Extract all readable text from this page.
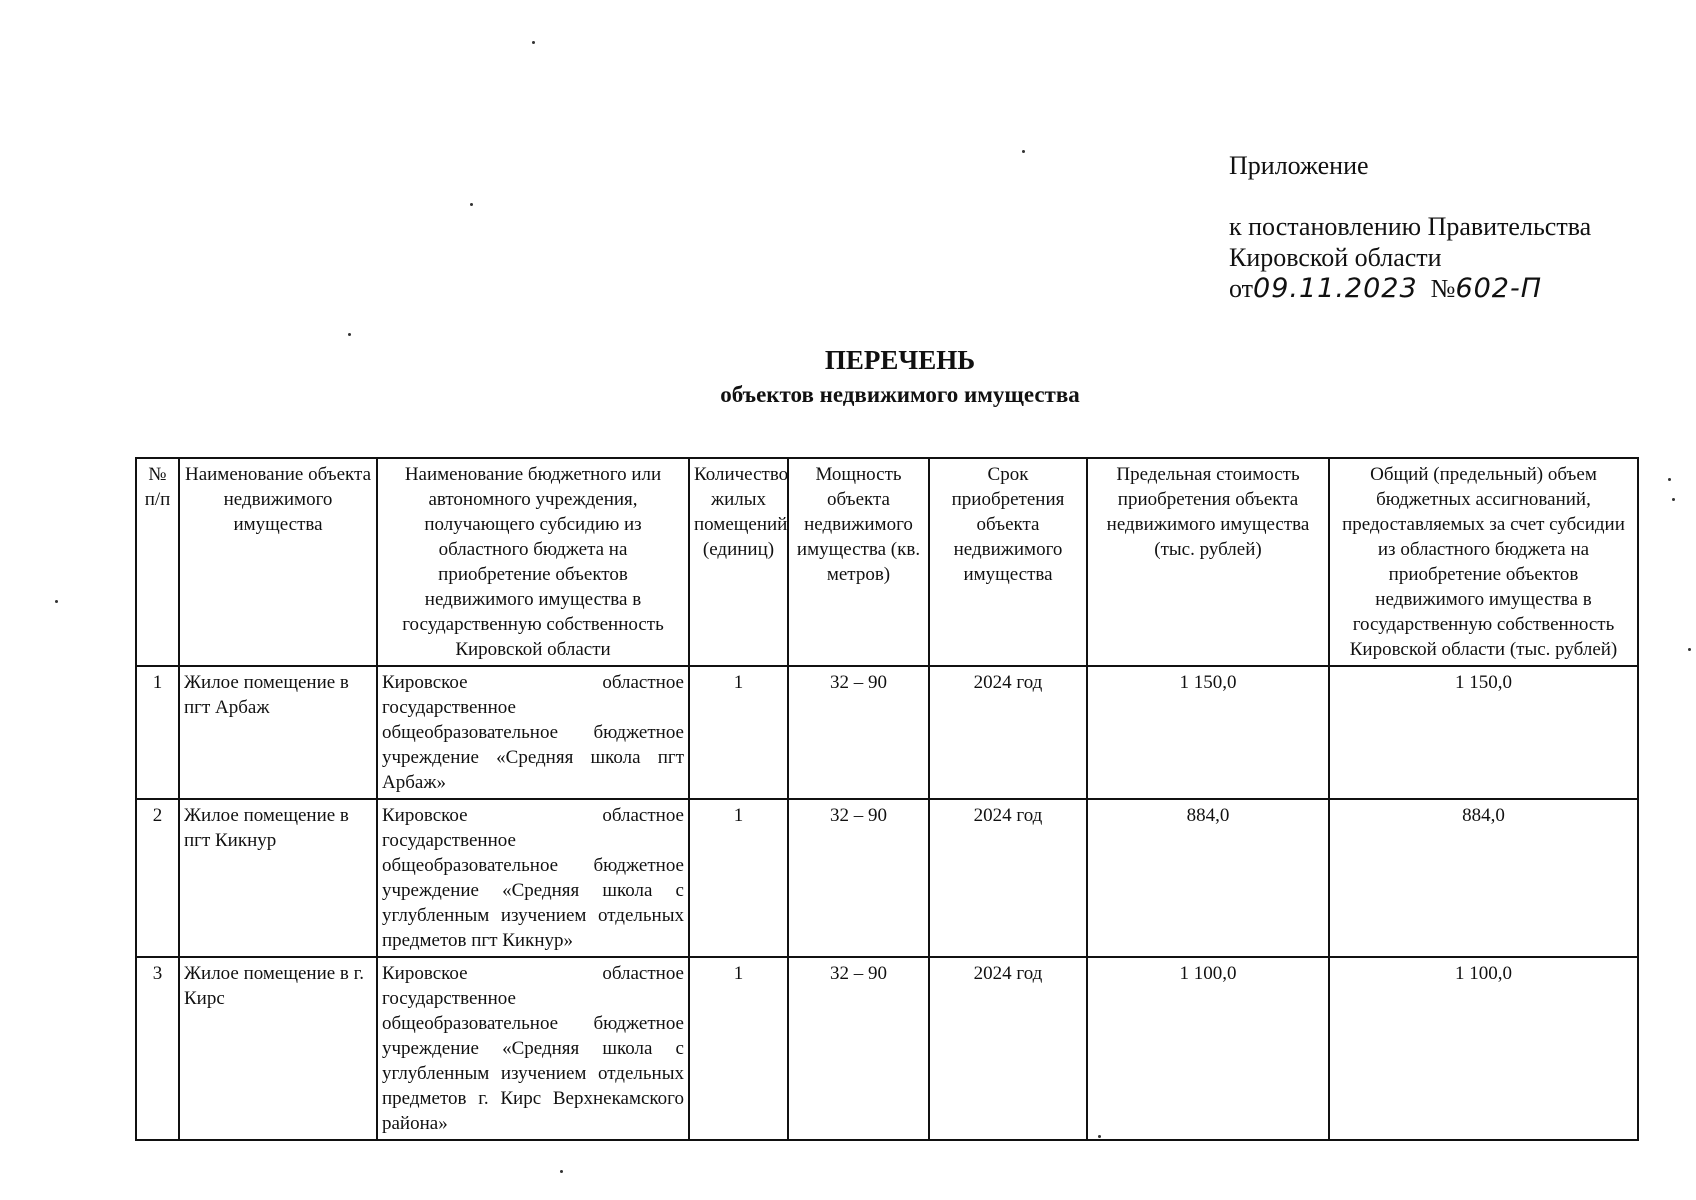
Приложение
к постановлению Правительства
Кировской области
от09.11.2023 №602-П
ПЕРЕЧЕНЬ
объектов недвижимого имущества
№ п/п	Наименование объекта недвижимого имущества	Наименование бюджетного или автономного учреждения, получающего субсидию из областного бюджета на приобретение объектов недвижимого имущества в государственную собственность Кировской области	Количество жилых помещений (единиц)	Мощность объекта недвижимого имущества (кв. метров)	Срок приобретения объекта недвижимого имущества	Предельная стоимость приобретения объекта недвижимого имущества (тыс. рублей)	Общий (предельный) объем бюджетных ассигнований, предоставляемых за счет субсидии из областного бюджета на приобретение объектов недвижимого имущества в государственную собственность Кировской области (тыс. рублей)
1	Жилое помещение в пгт Арбаж	Кировское областное государственное общеобразовательное бюджетное учреждение «Средняя школа пгт Арбаж»	1	32 – 90	2024 год	1 150,0	1 150,0
2	Жилое помещение в пгт Кикнур	Кировское областное государственное общеобразовательное бюджетное учреждение «Средняя школа с углубленным изучением отдельных предметов пгт Кикнур»	1	32 – 90	2024 год	884,0	884,0
3	Жилое помещение в г. Кирс	Кировское областное государственное общеобразовательное бюджетное учреждение «Средняя школа с углубленным изучением отдельных предметов г. Кирс Верхнекамского района»	1	32 – 90	2024 год	1 100,0	1 100,0
